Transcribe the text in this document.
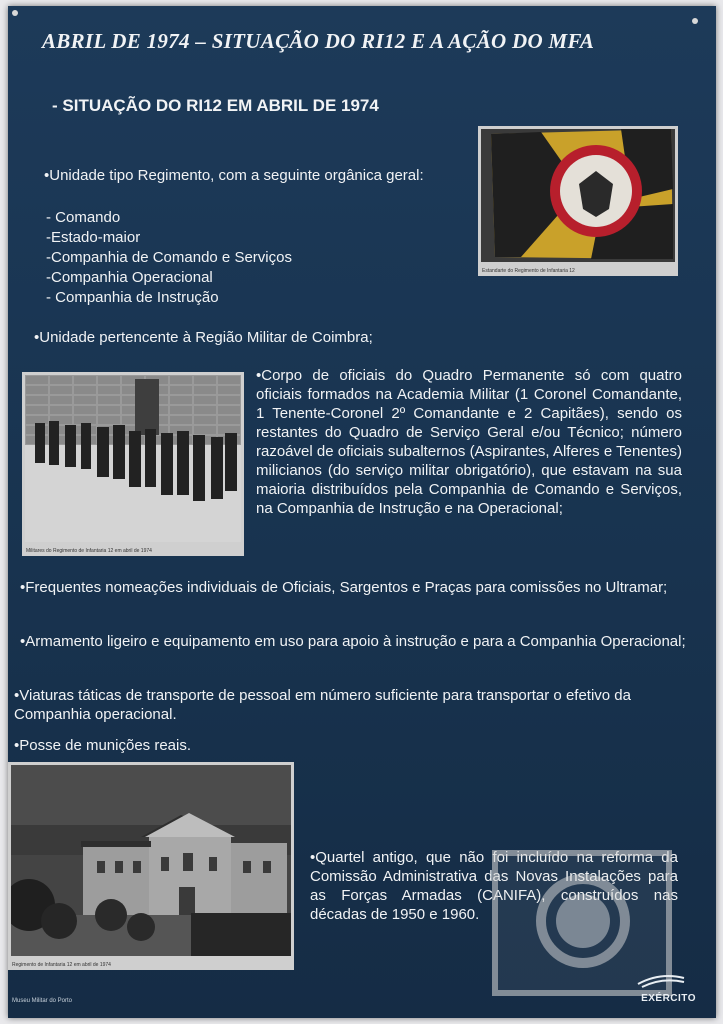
ABRIL DE 1974 – SITUAÇÃO DO RI12 E A AÇÃO DO MFA
- SITUAÇÃO DO RI12 EM ABRIL DE 1974
•Unidade tipo Regimento, com a seguinte orgânica geral:
- Comando
-Estado-maior
-Companhia de Comando e Serviços
-Companhia Operacional
- Companhia de Instrução
Estandarte do Regimento de Infantaria 12
•Unidade pertencente à Região Militar de Coimbra;
Militares do Regimento de Infantaria 12 em abril de 1974
•Corpo de oficiais do Quadro Permanente só com quatro oficiais formados na Academia Militar (1 Coronel Comandante, 1 Tenente-Coronel 2º Comandante e 2 Capitães), sendo os restantes do Quadro de Serviço Geral e/ou Técnico; número razoável de oficiais subalternos (Aspirantes, Alferes e Tenentes) milicianos (do serviço militar obrigatório), que estavam na sua maioria distribuídos pela Companhia de Comando e Serviços, na Companhia de Instrução e na Operacional;
•Frequentes nomeações individuais de Oficiais, Sargentos e Praças para comissões no Ultramar;
•Armamento ligeiro e equipamento em uso para apoio à instrução e para a Companhia Operacional;
•Viaturas táticas de transporte de pessoal em número suficiente para transportar o efetivo da Companhia operacional.
•Posse de munições reais.
Regimento de Infantaria 12 em abril de 1974
•Quartel antigo, que não foi incluído na reforma da Comissão Administrativa das Novas Instalações para as Forças Armadas (CANIFA), construídos nas décadas de 1950 e 1960.
Museu Militar do Porto	EXÉRCITO
